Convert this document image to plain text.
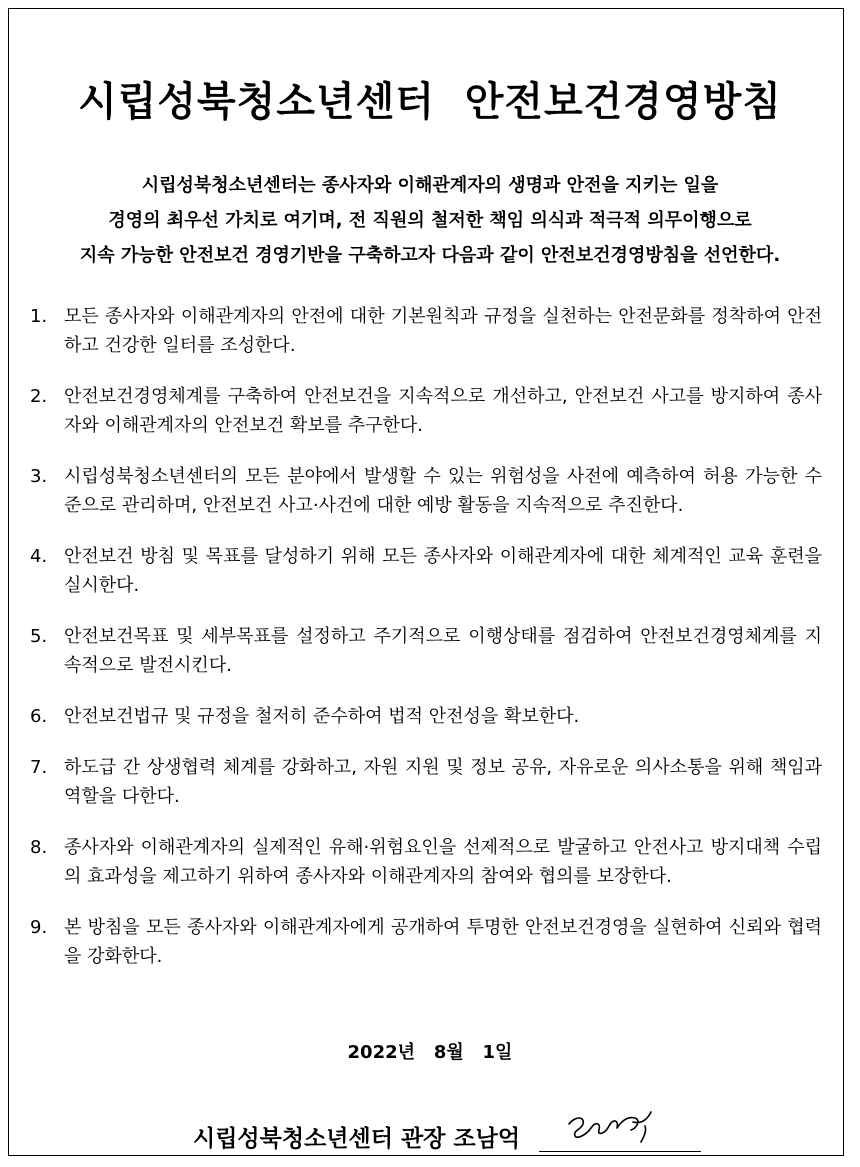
시립성북청소년센터  안전보건경영방침

시립성북청소년센터는 종사자와 이해관계자의 생명과 안전을 지키는 일을
경영의 최우선 가치로 여기며, 전 직원의 철저한 책임 의식과 적극적 의무이행으로
지속 가능한 안전보건 경영기반을 구축하고자 다음과 같이 안전보건경영방침을 선언한다.

1. 모든 종사자와 이해관계자의 안전에 대한 기본원칙과 규정을 실천하는 안전문화를 정착하여 안전하고 건강한 일터를 조성한다.
2. 안전보건경영체계를 구축하여 안전보건을 지속적으로 개선하고, 안전보건 사고를 방지하여 종사자와 이해관계자의 안전보건 확보를 추구한다.
3. 시립성북청소년센터의 모든 분야에서 발생할 수 있는 위험성을 사전에 예측하여 허용 가능한 수준으로 관리하며, 안전보건 사고·사건에 대한 예방 활동을 지속적으로 추진한다.
4. 안전보건 방침 및 목표를 달성하기 위해 모든 종사자와 이해관계자에 대한 체계적인 교육 훈련을 실시한다.
5. 안전보건목표 및 세부목표를 설정하고 주기적으로 이행상태를 점검하여 안전보건경영체계를 지속적으로 발전시킨다.
6. 안전보건법규 및 규정을 철저히 준수하여 법적 안전성을 확보한다.
7. 하도급 간 상생협력 체계를 강화하고, 자원 지원 및 정보 공유, 자유로운 의사소통을 위해 책임과 역할을 다한다.
8. 종사자와 이해관계자의 실제적인 유해·위험요인을 선제적으로 발굴하고 안전사고 방지대책 수립의 효과성을 제고하기 위하여 종사자와 이해관계자의 참여와 협의를 보장한다.
9. 본 방침을 모든 종사자와 이해관계자에게 공개하여 투명한 안전보건경영을 실현하여 신뢰와 협력을 강화한다.
2022년   8월   1일
시립성북청소년센터 관장 조남억
